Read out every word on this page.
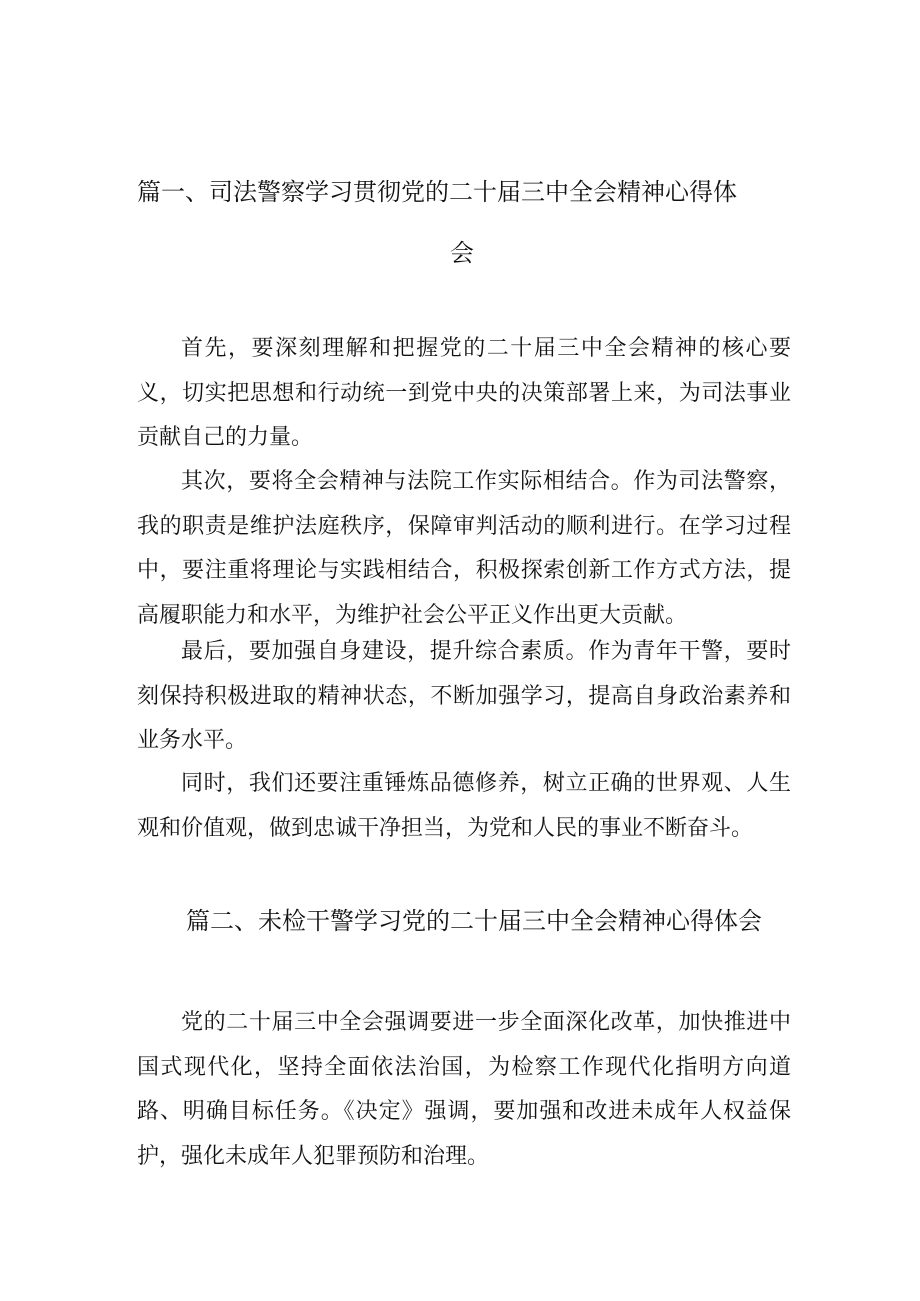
篇一、司法警察学习贯彻党的二十届三中全会精神心得体
会

首先，要深刻理解和把握党的二十届三中全会精神的核心要义，切实把思想和行动统一到党中央的决策部署上来，为司法事业贡献自己的力量。

其次，要将全会精神与法院工作实际相结合。作为司法警察，我的职责是维护法庭秩序，保障审判活动的顺利进行。在学习过程中，要注重将理论与实践相结合，积极探索创新工作方式方法，提高履职能力和水平，为维护社会公平正义作出更大贡献。

最后，要加强自身建设，提升综合素质。作为青年干警，要时刻保持积极进取的精神状态，不断加强学习，提高自身政治素养和业务水平。

同时，我们还要注重锤炼品德修养，树立正确的世界观、人生观和价值观，做到忠诚干净担当，为党和人民的事业不断奋斗。

篇二、未检干警学习党的二十届三中全会精神心得体会

党的二十届三中全会强调要进一步全面深化改革，加快推进中国式现代化，坚持全面依法治国，为检察工作现代化指明方向道路、明确目标任务。《决定》强调，要加强和改进未成年人权益保护，强化未成年人犯罪预防和治理。
